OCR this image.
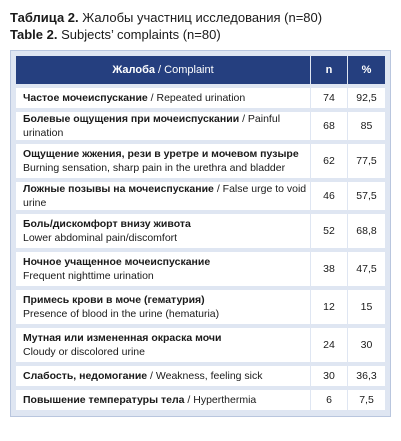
Таблица 2. Жалобы участниц исследования (n=80)
Table 2. Subjects’ complaints (n=80)
Жалоба / Complaint	n	%
Частое мочеиспускание / Repeated urination	74	92,5
Болевые ощущения при мочеиспускании / Painful urination	68	85
Ощущение жжения, рези в уретре и мочевом пузыре
Burning sensation, sharp pain in the urethra and bladder	62	77,5
Ложные позывы на мочеиспускание / False urge to void urine	46	57,5
Боль/дискомфорт внизу живота
Lower abdominal pain/discomfort	52	68,8
Ночное учащенное мочеиспускание
Frequent nighttime urination	38	47,5
Примесь крови в моче (гематурия)
Presence of blood in the urine (hematuria)	12	15
Мутная или измененная окраска мочи
Cloudy or discolored urine	24	30
Слабость, недомогание / Weakness, feeling sick	30	36,3
Повышение температуры тела / Hyperthermia	6	7,5
